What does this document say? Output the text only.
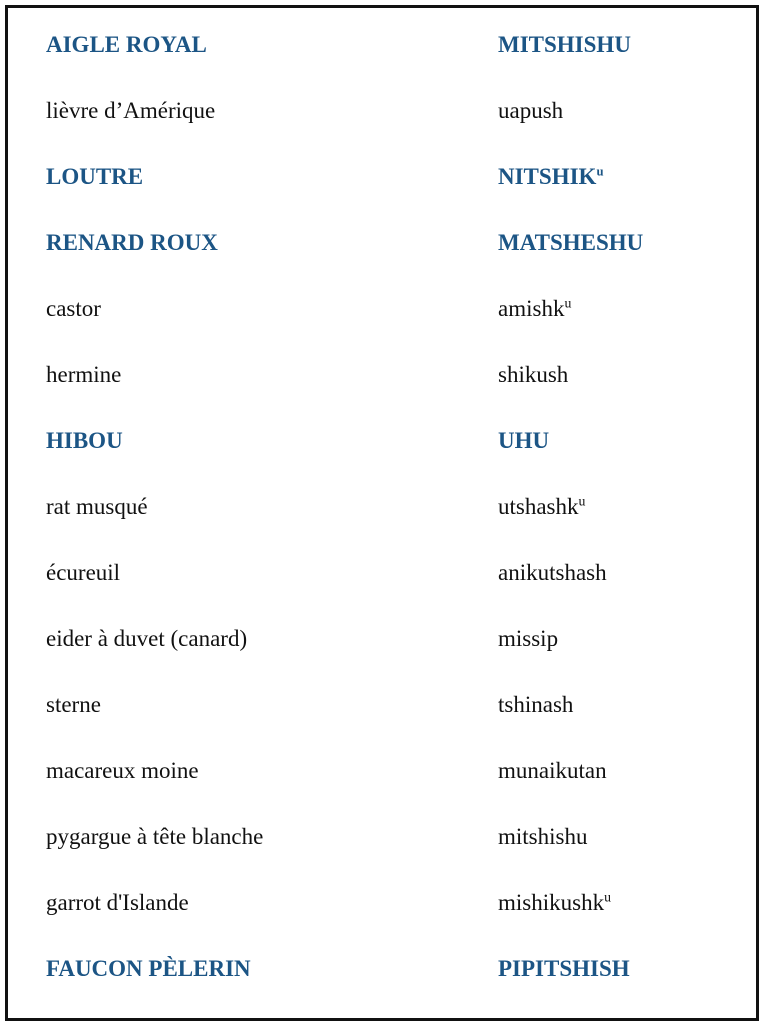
AIGLE ROYAL	MITSHISHU
lièvre d’Amérique	uapush
LOUTRE	NITSHIK$^u$
RENARD ROUX	MATSHESHU
castor	amishk$^u$
hermine	shikush
HIBOU	UHU
rat musqué	utshashk$^u$
écureuil	anikutshash
eider à duvet (canard)	missip
sterne	tshinash
macareux moine	munaikutan
pygargue à tête blanche	mitshishu
garrot d'Islande	mishikushk$^u$
FAUCON PÈLERIN	PIPITSHISH
